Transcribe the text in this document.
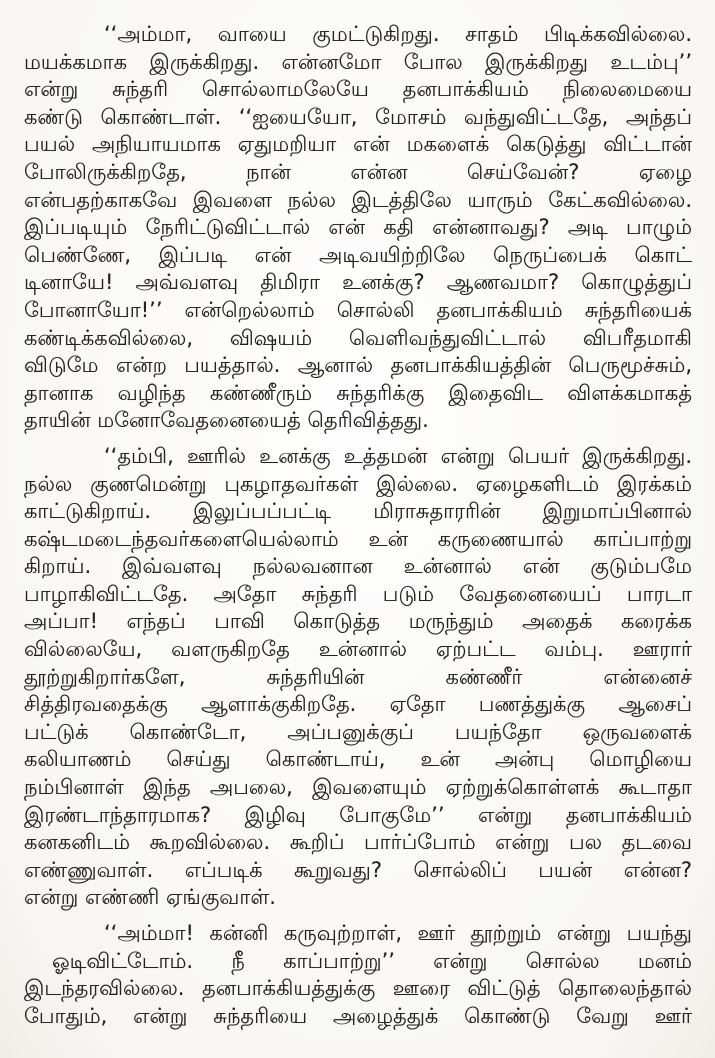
‘‘அம்மா, வாயை குமட்டுகிறது. சாதம் பிடிக்கவில்லை.
மயக்கமாக இருக்கிறது. என்னமோ போல இருக்கிறது உடம்பு’’
என்று சுந்தரி சொல்லாமலேயே தனபாக்கியம் நிலைமையை
கண்டு கொண்டாள். ‘‘ஐயையோ, மோசம் வந்துவிட்டதே, அந்தப்
பயல் அநியாயமாக ஏதுமறியா என் மகளைக் கெடுத்து விட்டான்
போலிருக்கிறதே, நான் என்ன செய்வேன்? ஏழை
என்பதற்காகவே இவளை நல்ல இடத்திலே யாரும் கேட்கவில்லை.
இப்படியும் நேரிட்டுவிட்டால் என் கதி என்னாவது? அடி பாழும்
பெண்ணே, இப்படி என் அடிவயிற்றிலே நெருப்பைக் கொட்
டினாயே! அவ்வளவு திமிரா உனக்கு? ஆணவமா? கொழுத்துப்
போனாயோ!’’ என்றெல்லாம் சொல்லி தனபாக்கியம் சுந்தரியைக்
கண்டிக்கவில்லை, விஷயம் வெளிவந்துவிட்டால் விபரீதமாகி
விடுமே என்ற பயத்தால். ஆனால் தனபாக்கியத்தின் பெருமூச்சும்,
தானாக வழிந்த கண்ணீரும் சுந்தரிக்கு இதைவிட விளக்கமாகத்
தாயின் மனோவேதனையைத் தெரிவித்தது.
‘‘தம்பி, ஊரில் உனக்கு உத்தமன் என்று பெயர் இருக்கிறது.
நல்ல குணமென்று புகழாதவர்கள் இல்லை. ஏழைகளிடம் இரக்கம்
காட்டுகிறாய். இலுப்பப்பட்டி மிராசுதாரரின் இறுமாப்பினால்
கஷ்டமடைந்தவர்களையெல்லாம் உன் கருணையால் காப்பாற்று
கிறாய். இவ்வளவு நல்லவனான உன்னால் என் குடும்பமே
பாழாகிவிட்டதே. அதோ சுந்தரி படும் வேதனையைப் பாரடா
அப்பா! எந்தப் பாவி கொடுத்த மருந்தும் அதைக் கரைக்க
வில்லையே, வளருகிறதே உன்னால் ஏற்பட்ட வம்பு. ஊரார்
தூற்றுகிறார்களே, சுந்தரியின் கண்ணீர் என்னைச்
சித்திரவதைக்கு ஆளாக்குகிறதே. ஏதோ பணத்துக்கு ஆசைப்
பட்டுக் கொண்டோ, அப்பனுக்குப் பயந்தோ ஒருவளைக்
கலியாணம் செய்து கொண்டாய், உன் அன்பு மொழியை
நம்பினாள் இந்த அபலை, இவளையும் ஏற்றுக்கொள்ளக் கூடாதா
இரண்டாந்தாரமாக? இழிவு போகுமே’’ என்று தனபாக்கியம்
கனகனிடம் கூறவில்லை. கூறிப் பார்ப்போம் என்று பல தடவை
எண்ணுவாள். எப்படிக் கூறுவது? சொல்லிப் பயன் என்ன?
என்று எண்ணி ஏங்குவாள்.
‘‘அம்மா! கன்னி கருவுற்றாள், ஊர் தூற்றும் என்று பயந்து
ஓடிவிட்டோம். நீ காப்பாற்று’’ என்று சொல்ல மனம்
இடந்தரவில்லை. தனபாக்கியத்துக்கு ஊரை விட்டுத் தொலைந்தால்
போதும், என்று சுந்தரியை அழைத்துக் கொண்டு வேறு ஊர்
